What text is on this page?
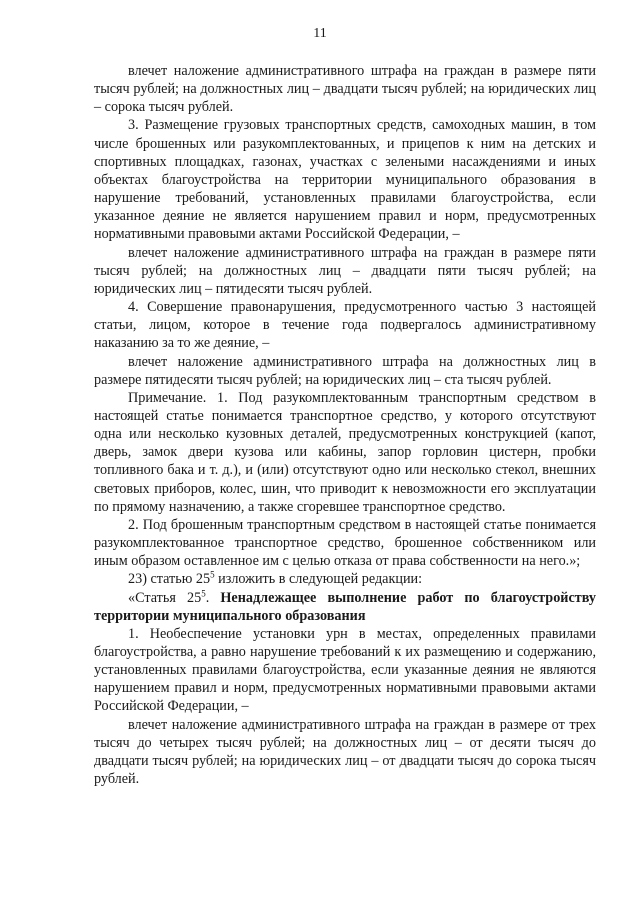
11

влечет наложение административного штрафа на граждан в размере пяти тысяч рублей; на должностных лиц – двадцати тысяч рублей; на юридических лиц – сорока тысяч рублей.

3. Размещение грузовых транспортных средств, самоходных машин, в том числе брошенных или разукомплектованных, и прицепов к ним на детских и спортивных площадках, газонах, участках с зелеными насаждениями и иных объектах благоустройства на территории муниципального образования в нарушение требований, установленных правилами благоустройства, если указанное деяние не является нарушением правил и норм, предусмотренных нормативными правовыми актами Российской Федерации, –

влечет наложение административного штрафа на граждан в размере пяти тысяч рублей; на должностных лиц – двадцати пяти тысяч рублей; на юридических лиц – пятидесяти тысяч рублей.

4. Совершение правонарушения, предусмотренного частью 3 настоящей статьи, лицом, которое в течение года подвергалось административному наказанию за то же деяние, –

влечет наложение административного штрафа на должностных лиц в размере пятидесяти тысяч рублей; на юридических лиц – ста тысяч рублей.

Примечание. 1. Под разукомплектованным транспортным средством в настоящей статье понимается транспортное средство, у которого отсутствуют одна или несколько кузовных деталей, предусмотренных конструкцией (капот, дверь, замок двери кузова или кабины, запор горловин цистерн, пробки топливного бака и т. д.), и (или) отсутствуют одно или несколько стекол, внешних световых приборов, колес, шин, что приводит к невозможности его эксплуатации по прямому назначению, а также сгоревшее транспортное средство.

2. Под брошенным транспортным средством в настоящей статье понимается разукомплектованное транспортное средство, брошенное собственником или иным образом оставленное им с целью отказа от права собственности на него.»;

23) статью $25^5$ изложить в следующей редакции:

«Статья $25^5$. Ненадлежащее выполнение работ по благоустройству территории муниципального образования

1. Необеспечение установки урн в местах, определенных правилами благоустройства, а равно нарушение требований к их размещению и содержанию, установленных правилами благоустройства, если указанные деяния не являются нарушением правил и норм, предусмотренных нормативными правовыми актами Российской Федерации, –

влечет наложение административного штрафа на граждан в размере от трех тысяч до четырех тысяч рублей; на должностных лиц – от десяти тысяч до двадцати тысяч рублей; на юридических лиц – от двадцати тысяч до сорока тысяч рублей.
